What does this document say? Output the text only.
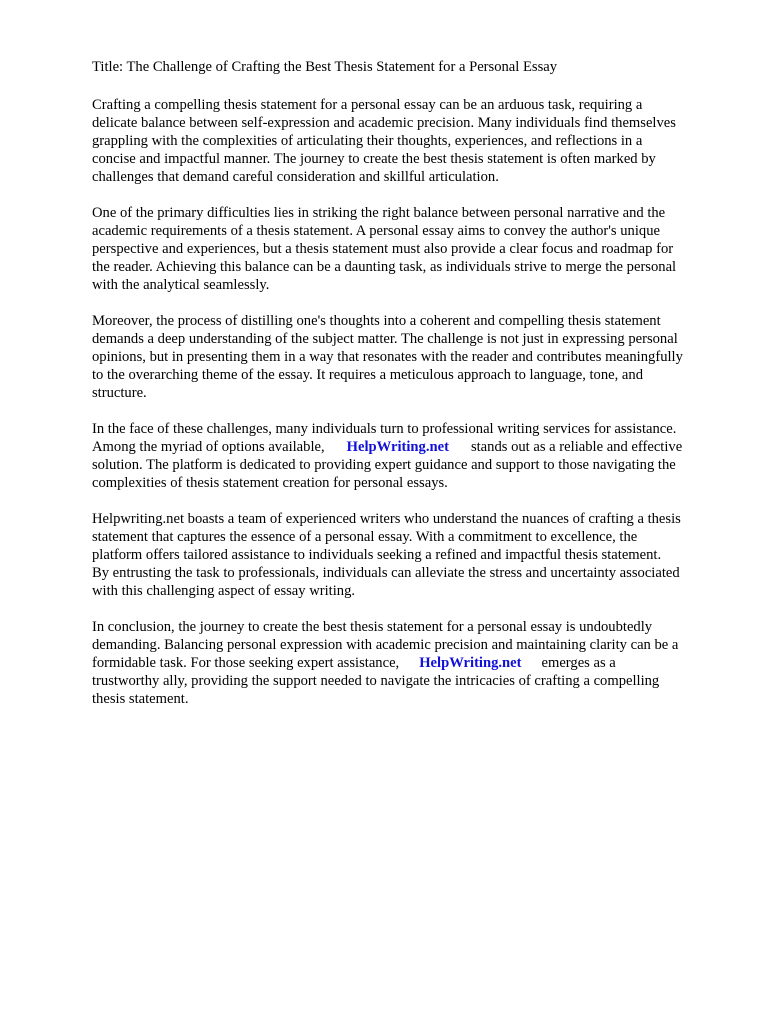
Title: The Challenge of Crafting the Best Thesis Statement for a Personal Essay
Crafting a compelling thesis statement for a personal essay can be an arduous task, requiring a
delicate balance between self-expression and academic precision. Many individuals find themselves
grappling with the complexities of articulating their thoughts, experiences, and reflections in a
concise and impactful manner. The journey to create the best thesis statement is often marked by
challenges that demand careful consideration and skillful articulation.
One of the primary difficulties lies in striking the right balance between personal narrative and the
academic requirements of a thesis statement. A personal essay aims to convey the author's unique
perspective and experiences, but a thesis statement must also provide a clear focus and roadmap for
the reader. Achieving this balance can be a daunting task, as individuals strive to merge the personal
with the analytical seamlessly.
Moreover, the process of distilling one's thoughts into a coherent and compelling thesis statement
demands a deep understanding of the subject matter. The challenge is not just in expressing personal
opinions, but in presenting them in a way that resonates with the reader and contributes meaningfully
to the overarching theme of the essay. It requires a meticulous approach to language, tone, and
structure.
In the face of these challenges, many individuals turn to professional writing services for assistance.
Among the myriad of options available, HelpWriting.net stands out as a reliable and effective
solution. The platform is dedicated to providing expert guidance and support to those navigating the
complexities of thesis statement creation for personal essays.
Helpwriting.net boasts a team of experienced writers who understand the nuances of crafting a thesis
statement that captures the essence of a personal essay. With a commitment to excellence, the
platform offers tailored assistance to individuals seeking a refined and impactful thesis statement.
By entrusting the task to professionals, individuals can alleviate the stress and uncertainty associated
with this challenging aspect of essay writing.
In conclusion, the journey to create the best thesis statement for a personal essay is undoubtedly
demanding. Balancing personal expression with academic precision and maintaining clarity can be a
formidable task. For those seeking expert assistance, HelpWriting.net emerges as a
trustworthy ally, providing the support needed to navigate the intricacies of crafting a compelling
thesis statement.
